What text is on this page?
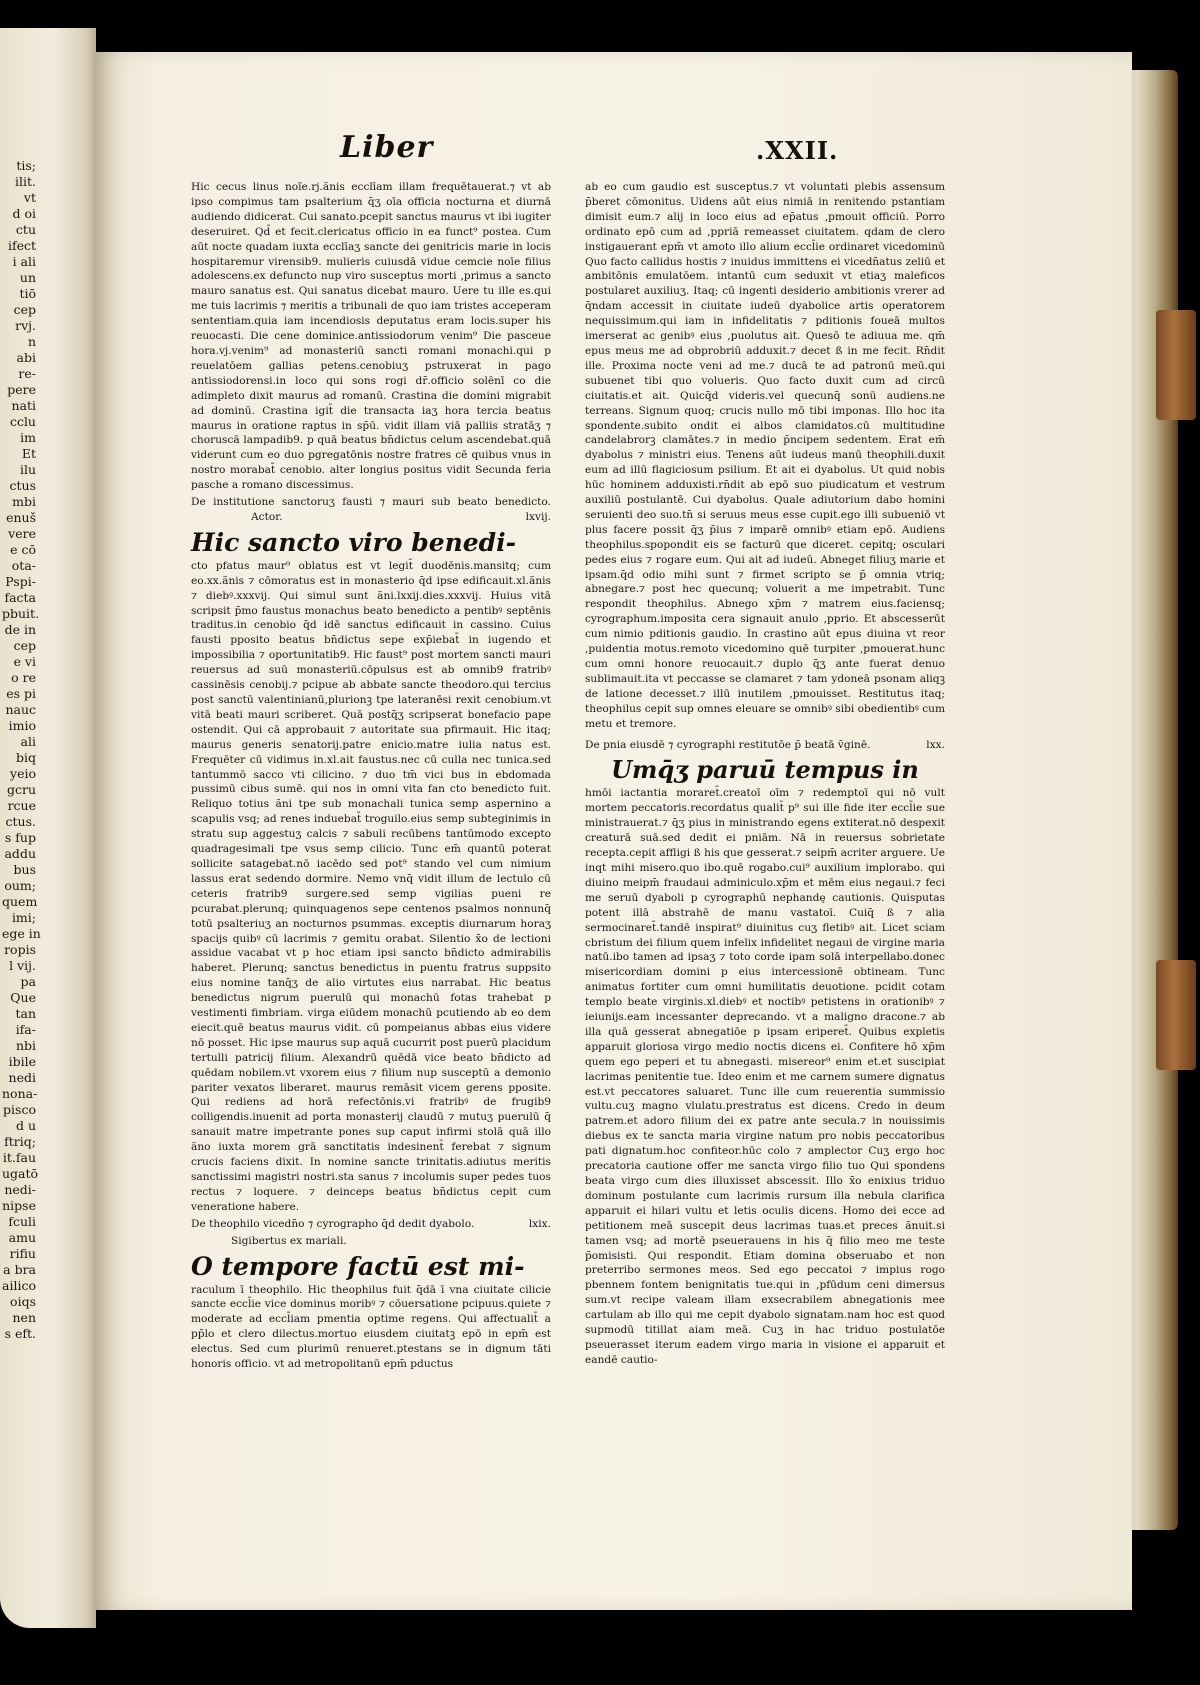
tis;
ilit.
vt
d oi
ctu
ifect
i ali
un
tiō
cep
rvj.
n
abi
re-
pere
nati
cclu
im
Et
ilu
ctus
mbi
enuš
vere
e cō
ota-
Pspi-
facta
pbuit.
de in
cep
e vi
o re
es pi
nauc
imio
ali
biq
yeio
gcru
rcue
ctus.
s fup
addu
bus
oum;
quem
imi;
ege in
ropis
l vij.
pa
Que
tan
ifa-
nbi
ibile
nedi
nona-
pisco
d u
ftriq;
it.fau
ugatō
nedi-
nipse
fculi
amu
rifiu
a bra
ailico
oiqs
nen
s eft.
Liber	.XXII.

Hic cecus linus noĩe.rj.ãnis ecclīam illam frequētauerat.⁊ vt ab ipso compimus tam psalterium q̄ʒ oīa officia nocturna et diurnā audiendo didicerat. Cui sanato.pcepit sanctus maurus vt ibi iugiter deseruiret. Qd̄ et fecit.clericatus officio in ea funct⁹ postea. Cum aūt nocte quadam iuxta ecclīaʒ sancte dei genitricis marie in locis hospitaremur virensib9. mulieris cuiusdā vidue cemcie noīe filius adolescens.ex defuncto nup viro susceptus morti ,primus a sancto mauro sanatus est. Qui sanatus dicebat mauro. Uere tu ille es.qui me tuis lacrimis ⁊ meritis a tribunali de quo iam tristes acceperam sententiam.quia iam incendiosis deputatus eram locis.super his reuocasti. Die cene dominice.antissiodorum venim⁹ Die pasceue hora.vj.venim⁹ ad monasteriū sancti romani monachi.qui p reuelatōem gallias petens.cenobiuʒ pstruxerat in pago antissiodorensi.in loco qui sons rogi dr̄.officio solēnī co die adimpleto dixit maurus ad romanū. Crastina die domini migrabit ad dominū. Crastina igit̄ die transacta iaʒ hora tercia beatus maurus in oratione raptus in sp̄ū. vidit illam viā palliis stratāʒ ⁊ choruscā lampadib9. p quā beatus bn̄dictus celum ascendebat.quā viderunt cum eo duo pgregatōnis nostre fratres cē quibus vnus in nostro morabat̄ cenobio. alter longius positus vidit Secunda feria pasche a romano discessimus.

De institutione sanctoruʒ fausti ⁊ mauri sub beato benedicto. Actor.	lxvij.

Hic sancto viro benedi-

cto pfatus maur⁹ oblatus est vt legit̄ duodēnis.mansitq; cum eo.xx.ãnis ⁊ cōmoratus est in monasterio q̄d ipse edificauit.xl.ãnis ⁊ diebꝰ.xxxvij. Qui simul sunt ãni.lxxij.dies.xxxvij. Huius vitā scripsit p̄mo faustus monachus beato benedicto a pentibꝰ septēnis traditus.in cenobio q̄d idē sanctus edificauit in cassino. Cuius fausti pposito beatus bn̄dictus sepe exp̄iebat̄ in iugendo et impossibilia ⁊ oportunitatib9. Hic faust⁹ post mortem sancti mauri reuersus ad suū monasteriū.cōpulsus est ab omnib9 fratribꝰ cassinēsis cenobij.⁊ pcipue ab abbate sancte theodoro.qui tercius post sanctū valentinianū,plurionꝫ tpe lateranēsi rexit cenobium.vt vitā beati mauri scriberet. Quā postq̄ʒ scripserat bonefacio pape ostendit. Qui cā approbauit ⁊ autoritate sua pfirmauit. Hic itaq; maurus generis senatorij.patre enicio.matre iulia natus est. Frequēter cū vidimus in.xl.ait faustus.nec cū culla nec tunica.sed tantummō sacco vti cilicino. ⁊ duo tm̄ vici bus in ebdomada pussimū cibus sumē. qui nos in omni vita fan cto benedicto fuit. Reliquo totius ãni tpe sub monachali tunica semp aspernino a scapulis vsq; ad renes induebat̄ troguilo.eius semp subteginimis in stratu sup aggestuʒ calcis ⁊ sabuli recūbens tantūmodo excepto quadragesimali tpe vsus semp cilicio. Tunc em̄ quantū poterat sollicite satagebat.nō iacēdo sed pot⁹ stando vel cum nimium lassus erat sedendo dormire. Nemo vnq̄ vidit illum de lectulo cū ceteris fratrib9 surgere.sed semp vigilias pueni re pcurabat.plerunq; quinquagenos sepe centenos psalmos nonnunq̄ totū psalteriuʒ an nocturnos psummas. exceptis diurnarum horaʒ spacijs quibꝰ cū lacrimis ⁊ gemitu orabat. Silentio x̄o de lectioni assidue vacabat vt p hoc etiam ipsi sancto bn̄dicto admirabilis haberet. Plerunq; sanctus benedictus in puentu fratrus suppsito eius nomine tanq̄ʒ de alio virtutes eius narrabat. Hic beatus benedictus nigrum puerulū qui monachū fotas trahebat p vestimenti fimbriam. virga eiūdem monachū pcutiendo ab eo dem eiecit.quē beatus maurus vidit. cū pompeianus abbas eius videre nō posset. Hic ipse maurus sup aquā cucurrit post puerū placidum tertulli patricij filium. Alexandrū quēdā vice beato bn̄dicto ad quēdam nobilem.vt vxorem eius ⁊ filium nup susceptū a demonio pariter vexatos liberaret. maurus remāsit vicem gerens pposite. Qui rediens ad horā refectōnis.vi fratribꝰ de frugib9 colligendis.inuenit ad porta monasterij claudū ⁊ mutuʒ puerulū q̄ sanauit matre impetrante pones sup caput infirmi stolā quā illo ãno iuxta morem grā sanctitatis indesinent̄ ferebat ⁊ signum crucis faciens dixit. In nomine sancte trinitatis.adiutus meritis sanctissimi magistri nostri.sta sanus ⁊ incolumis super pedes tuos rectus ⁊ loquere. ⁊ deinceps beatus bn̄dictus cepit cum veneratione habere.

De theophilo vicedn̄o ⁊ cyrographo q̄d dedit dyabolo.	lxix.

Sigibertus ex mariali.

O tempore factū est mi-

raculum ī theophilo. Hic theophilus fuit q̄dā ī vna ciuitate cilicie sancte eccl̄ie vice dominus moribꝰ ⁊ cōuersatione pcipuus.quiete ⁊ moderate ad eccl̄iam pmentia optime regens. Qui affectualit̄ a pp̄lo et clero dilectus.mortuo eiusdem ciuitatꝫ epō in epm̄ est electus. Sed cum plurimū renueret.ptestans se in dignum tāti honoris officio. vt ad metropolitanū epm̄ pductus

ab eo cum gaudio est susceptus.⁊ vt voluntati plebis assensum p̄beret cōmonitus. Uidens aūt eius nimiā in renitendo pstantiam dimisit eum.⁊ alij in loco eius ad ep̄atus ,pmouit officiū. Porro ordinato epō cum ad ,ppriā remeasset ciuitatem. qdam de clero instigauerant epm̄ vt amoto illo alium eccl̄ie ordinaret vicedominū Quo facto callidus hostis ⁊ inuidus immittens ei vicedn̄atus zeliū et ambitōnis emulatōem. intantū cum seduxit vt etiaʒ maleficos postularet auxiliuʒ. Itaq; cū ingenti desiderio ambitionis vrerer ad q̄ndam accessit in ciuitate iudeū dyabolice artis operatorem nequissimum.qui iam in infidelitatis ⁊ pditionis foueā multos imerserat ac genibꝰ eius ,puolutus ait. Quesō te adiuua me. qm̄ epus meus me ad obprobriū adduxit.⁊ decet ß in me fecit. Rn̄dit ille. Proxima nocte veni ad me.⁊ ducā te ad patronū meū.qui subuenet tibi quo volueris. Quo facto duxit cum ad circū ciuitatis.et ait. Quicq̄d videris.vel quecunq̄ sonū audiens.ne terreans. Signum quoq; crucis nullo mō tibi imponas. Illo hoc ita spondente.subito ondit ei albos clamidatos.cū multitudine candelabrorꝫ clamātes.⁊ in medio p̄ncipem sedentem. Erat em̄ dyabolus ⁊ ministri eius. Tenens aūt iudeus manū theophili.duxit eum ad illū flagiciosum psilium. Et ait ei dyabolus. Ut quid nobis hūc hominem adduxisti.rn̄dit ab epō suo piudicatum et vestrum auxiliū postulantē. Cui dyabolus. Quale adiutorium dabo homini seruienti deo suo.tn̄ si seruus meus esse cupit.ego illi subueniō vt plus facere possit q̄ʒ p̄ius ⁊ imparē omnibꝰ etiam epō. Audiens theophilus.spopondit eis se facturū que diceret. cepitq; osculari pedes eius ⁊ rogare eum. Qui ait ad iudeū. Abneget filiuʒ marie et ipsam.q̄d odio mihi sunt ⁊ firmet scripto se p̄ omnia vtriq; abnegare.⁊ post hec quecunq; voluerit a me impetrabit. Tunc respondit theophilus. Abnego xp̄m ⁊ matrem eius.faciensq; cyrographum.imposita cera signauit anulo ,pprio. Et abscesserūt cum nimio pditionis gaudio. In crastino aūt epus diuina vt reor ,puidentia motus.remoto vicedomino quē turpiter ,pmouerat.hunc cum omni honore reuocauit.⁊ duplo q̄ʒ ante fuerat denuo sublimauit.ita vt peccasse se clamaret ⁊ tam ydoneā psonam aliqꝫ de latione decesset.⁊ illū inutilem ,pmouisset. Restitutus itaq; theophilus cepit sup omnes eleuare se omnibꝰ sibi obedientibꝰ cum metu et tremore.

De pnia eiusdē ⁊ cyrographi restitutōe p̄ beatā v̄ginē.	lxx.

Umq̄ʒ paruū tempus in

hmōi iactantia moraret̄.creatoī oīm ⁊ redemptoī qui nō vult mortem peccatoris.recordatus qualit̄ p⁹ sui ille fide iter eccl̄ie sue ministrauerat.⁊ q̄ʒ pius in ministrando egens extiterat.nō despexit creaturā suā.sed dedit ei pniām. Nā in reuersus sobrietate recepta.cepit affligi ß his que gesserat.⁊ seipm̄ acriter arguere. Ue inqt mihi misero.quo ibo.quē rogabo.cui⁹ auxilium implorabo. qui diuino meipm̄ fraudaui adminiculo.xp̄m et mēm eius negaui.⁊ feci me seruū dyaboli p cyrographū nephandę cautionis. Quisputas potent illā abstrahē de manu vastatoī. Cuiq̄ ß ⁊ alia sermocinaret̄.tandē inspirat⁹ diuinitus cuʒ fletibꝰ ait. Licet sciam cbristum dei filium quem infelix infidelitet negaui de virgine maria natū.ibo tamen ad ipsaʒ ⁊ toto corde ipam solā interpellabo.donec misericordiam domini p eius intercessionē obtineam. Tunc animatus fortiter cum omni humilitatis deuotione. pcidit cotam templo beate virginis.xl.diebꝰ et noctibꝰ petistens in orationibꝰ ⁊ ieiunijs.eam incessanter deprecando. vt a maligno dracone.⁊ ab illa quā gesserat abnegatiōe p ipsam eriperet̄. Quibus expletis apparuit gloriosa virgo medio noctis dicens ei. Confitere hō xp̄m quem ego peperi et tu abnegasti. misereor⁹ enim et.et suscipiat lacrimas penitentie tue. Ideo enim et me carnem sumere dignatus est.vt peccatores saluaret. Tunc ille cum reuerentia summissio vultu.cuʒ magno vlulatu.prestratus est dicens. Credo in deum patrem.et adoro filium dei ex patre ante secula.⁊ in nouissimis diebus ex te sancta maria virgine natum pro nobis peccatoribus pati dignatum.hoc confiteor.hūc colo ⁊ amplector Cuʒ ergo hoc precatoria cautione offer me sancta virgo filio tuo Qui spondens beata virgo cum dies illuxisset abscessit. Illo x̄o enixius triduo dominum postulante cum lacrimis rursum illa nebula clarifica apparuit ei hilari vultu et letis oculis dicens. Homo dei ecce ad petitionem meā suscepit deus lacrimas tuas.et preces ãnuit.si tamen vsq; ad mortē pseuerauens in his q̄ filio meo me teste p̄omisisti. Qui respondit. Etiam domina obseruabo et non preterribo sermones meos. Sed ego peccatoi ⁊ impius rogo pbennem fontem benignitatis tue.qui in ,pfūdum ceni dimersus sum.vt recipe valeam illam exsecrabilem abnegationis mee cartulam ab illo qui me cepit dyabolo signatam.nam hoc est quod supmodū titillat aiam meā. Cuʒ in hac triduo postulatōe pseuerasset iterum eadem virgo maria in visione ei apparuit et eandē cautio-
